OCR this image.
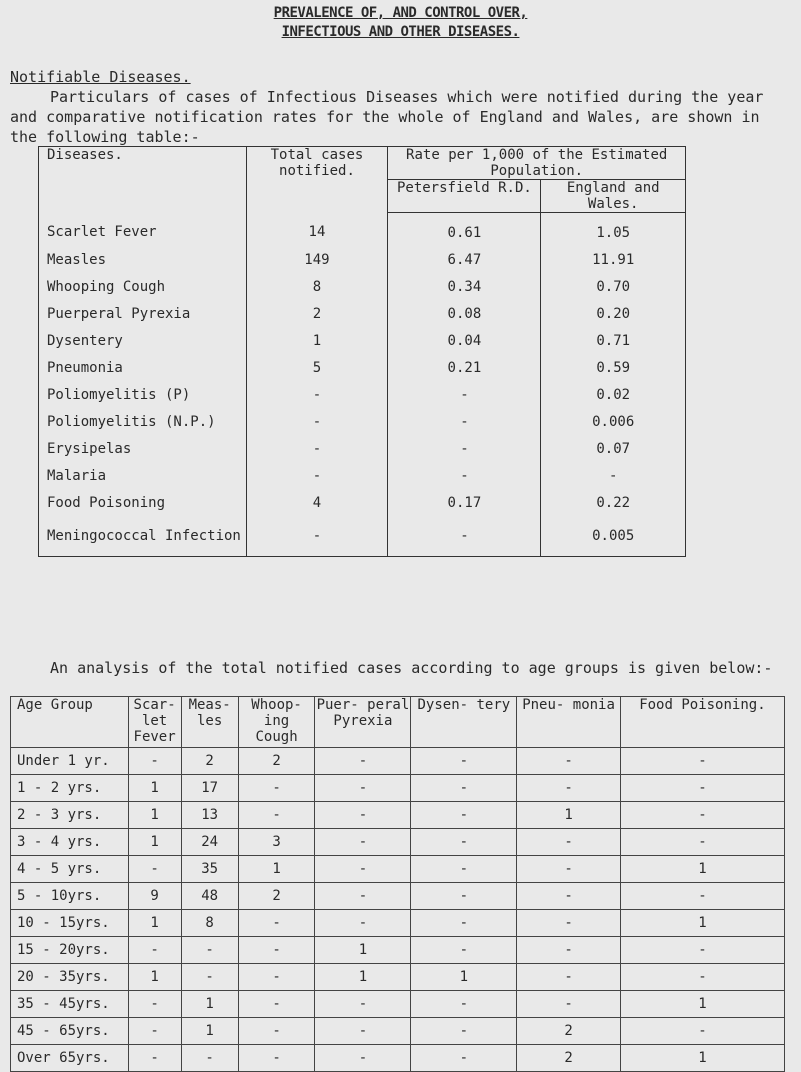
PREVALENCE OF, AND CONTROL OVER,
INFECTIOUS AND OTHER DISEASES.
Notifiable Diseases.
Particulars of cases of Infectious Diseases which were notified during the year and comparative notification rates for the whole of England and Wales, are shown in the following table:-
Diseases.	Total cases notified.	Rate per 1,000 of the Estimated Population.	
		Petersfield R.D.	England and Wales.
Scarlet Fever	14	0.61	1.05
Measles	149	6.47	11.91
Whooping Cough	8	0.34	0.70
Puerperal Pyrexia	2	0.08	0.20
Dysentery	1	0.04	0.71
Pneumonia	5	0.21	0.59
Poliomyelitis (P)	-	-	0.02
Poliomyelitis (N.P.)	-	-	0.006
Erysipelas	-	-	0.07
Malaria	-	-	-
Food Poisoning	4	0.17	0.22
Meningococcal Infection	-	-	0.005
An analysis of the total notified cases according to age groups is given below:-
Age Group	Scar- let Fever	Meas- les	Whoop- ing Cough	Puer- peral Pyrexia	Dysen- tery	Pneu- monia	Food Poisoning.
Under 1 yr.	-	2	2	-	-	-	-
1 - 2 yrs.	1	17	-	-	-	-	-
2 - 3 yrs.	1	13	-	-	-	1	-
3 - 4 yrs.	1	24	3	-	-	-	-
4 - 5 yrs.	-	35	1	-	-	-	1
5 - 10yrs.	9	48	2	-	-	-	-
10 - 15yrs.	1	8	-	-	-	-	1
15 - 20yrs.	-	-	-	1	-	-	-
20 - 35yrs.	1	-	-	1	1	-	-
35 - 45yrs.	-	1	-	-	-	-	1
45 - 65yrs.	-	1	-	-	-	2	-
Over 65yrs.	-	-	-	-	-	2	1
